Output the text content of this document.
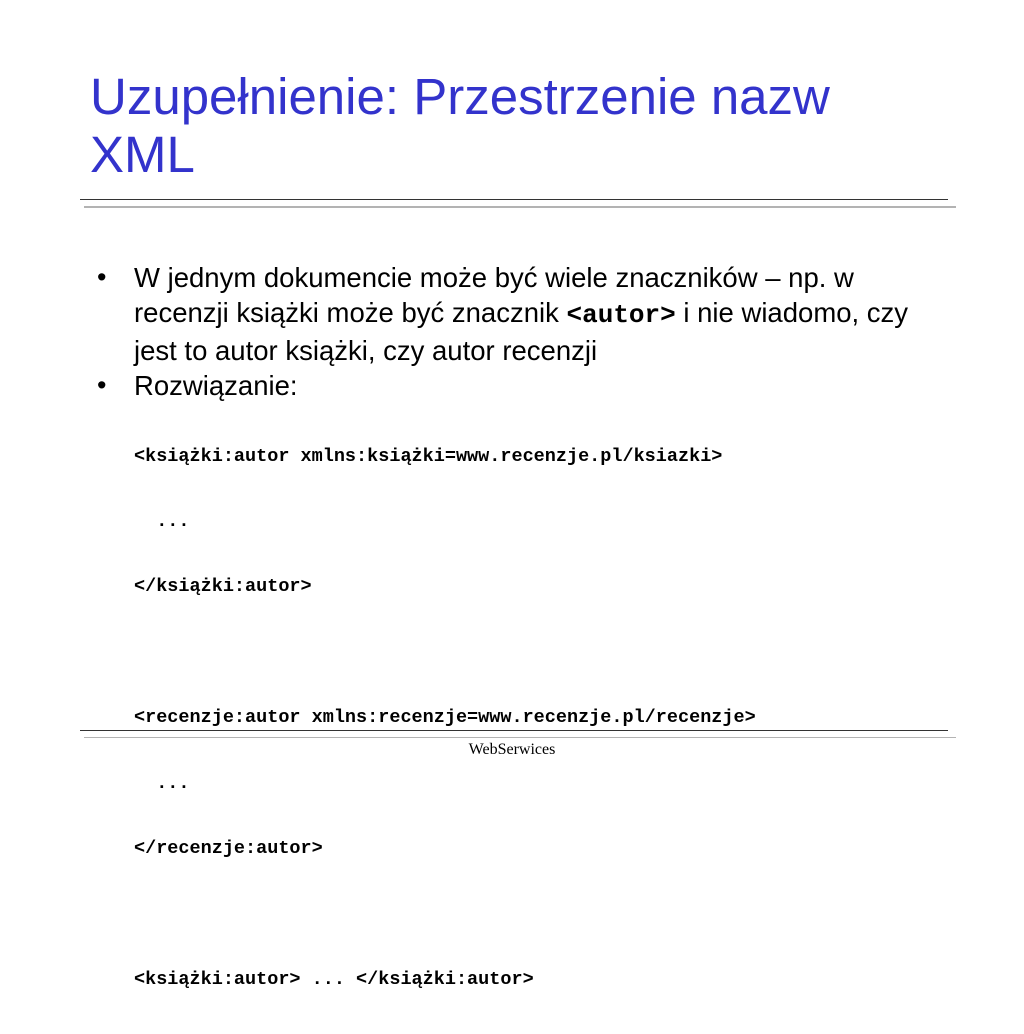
Uzupełnienie: Przestrzenie nazw
XML
• W jednym dokumencie może być wiele znaczników – np. w recenzji książki może być znacznik <autor> i nie wiadomo, czy jest to autor książki, czy autor recenzji
• Rozwiązanie:

<książki:autor xmlns:książki=www.recenzje.pl/ksiazki>

...

</książki:autor>

<recenzje:autor xmlns:recenzje=www.recenzje.pl/recenzje>

...

</recenzje:autor>

<książki:autor> ... </książki:autor>

WebSerwices
